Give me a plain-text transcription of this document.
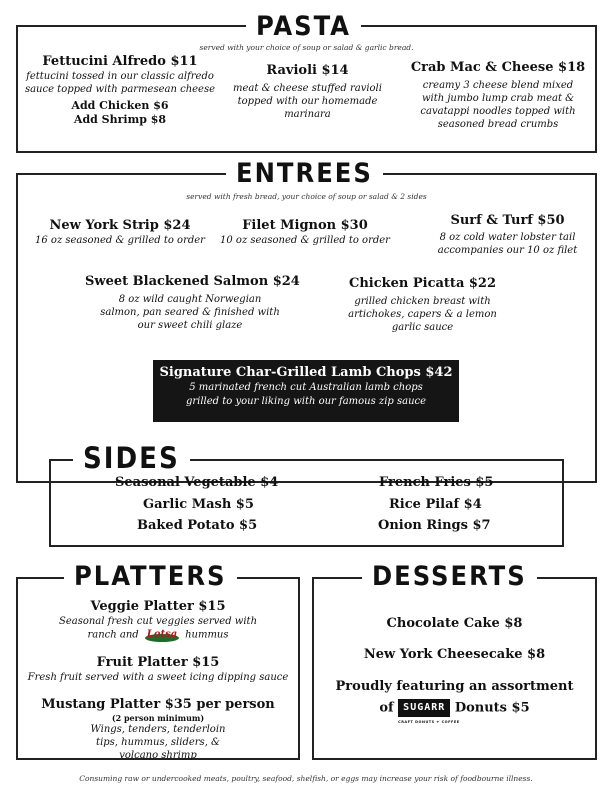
PASTA
served with your choice of soup or salad & garlic bread.
Fettucini Alfredo $11
fettucini tossed in our classic alfredo sauce topped with parmesean cheese
Add Chicken $6
Add Shrimp $8
Ravioli $14
meat & cheese stuffed ravioli topped with our homemade marinara
Crab Mac & Cheese $18
creamy 3 cheese blend mixed with jumbo lump crab meat & cavatappi noodles topped with seasoned bread crumbs
ENTREES
served with fresh bread, your choice of soup or salad & 2 sides
New York Strip $24
16 oz seasoned & grilled to order
Filet Mignon $30
10 oz seasoned & grilled to order
Surf & Turf $50
8 oz cold water lobster tail accompanies our 10 oz filet
Sweet Blackened Salmon $24
8 oz wild caught Norwegian salmon, pan seared & finished with our sweet chili glaze
Chicken Picatta $22
grilled chicken breast with artichokes, capers & a lemon garlic sauce
Signature Char-Grilled Lamb Chops $42
5 marinated french cut Australian lamb chops
grilled to your liking with our famous zip sauce
SIDES
Seasonal Vegetable $4
Garlic Mash $5
Baked Potato $5
French Fries $5
Rice Pilaf $4
Onion Rings $7
PLATTERS
Veggie Platter $15
Seasonal fresh cut veggies served with
ranch and Lotsa hummus
Fruit Platter $15
Fresh fruit served with a sweet icing dipping sauce
Mustang Platter $35 per person
(2 person minimum)
Wings, tenders, tenderloin tips, hummus, sliders, & volcano shrimp
DESSERTS
Chocolate Cake $8
New York Cheesecake $8
Proudly featuring an assortment
of SUGARR
CRAFT DONUTS + COFFEE
Donuts $5
Consuming raw or undercooked meats, poultry, seafood, shelfish, or eggs may increase your risk of foodbourne illness.
